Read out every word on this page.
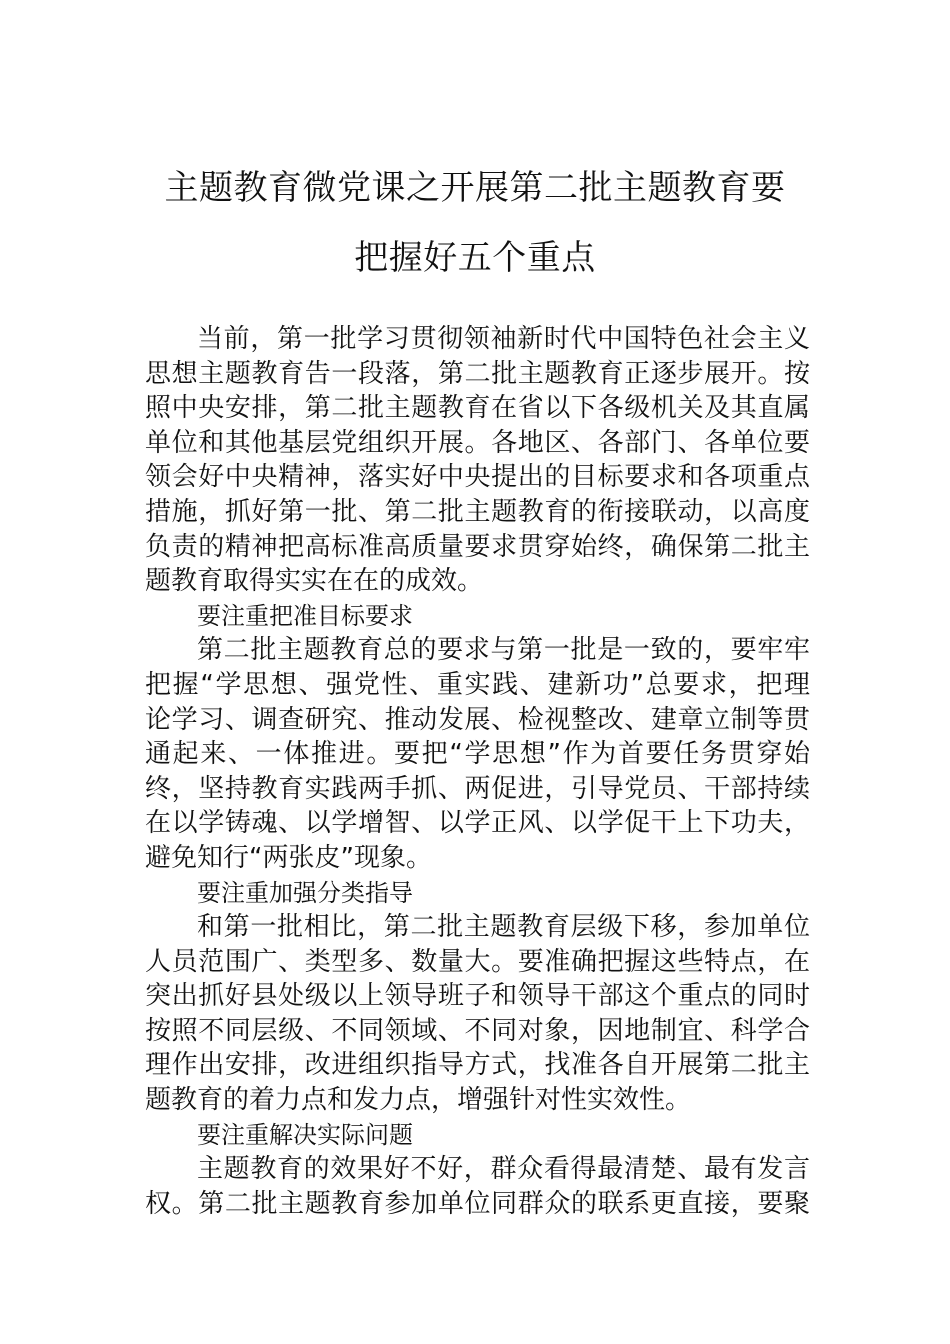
主题教育微党课之开展第二批主题教育要
把握好五个重点
当前，第一批学习贯彻领袖新时代中国特色社会主义
思想主题教育告一段落，第二批主题教育正逐步展开。按
照中央安排，第二批主题教育在省以下各级机关及其直属
单位和其他基层党组织开展。各地区、各部门、各单位要
领会好中央精神，落实好中央提出的目标要求和各项重点
措施，抓好第一批、第二批主题教育的衔接联动，以高度
负责的精神把高标准高质量要求贯穿始终，确保第二批主
题教育取得实实在在的成效。
要注重把准目标要求
第二批主题教育总的要求与第一批是一致的，要牢牢
把握“学思想、强党性、重实践、建新功”总要求，把理
论学习、调查研究、推动发展、检视整改、建章立制等贯
通起来、一体推进。要把“学思想”作为首要任务贯穿始
终，坚持教育实践两手抓、两促进，引导党员、干部持续
在以学铸魂、以学增智、以学正风、以学促干上下功夫，
避免知行“两张皮”现象。
要注重加强分类指导
和第一批相比，第二批主题教育层级下移，参加单位
人员范围广、类型多、数量大。要准确把握这些特点，在
突出抓好县处级以上领导班子和领导干部这个重点的同时
按照不同层级、不同领域、不同对象，因地制宜、科学合
理作出安排，改进组织指导方式，找准各自开展第二批主
题教育的着力点和发力点，增强针对性实效性。
要注重解决实际问题
主题教育的效果好不好，群众看得最清楚、最有发言
权。第二批主题教育参加单位同群众的联系更直接，要聚
